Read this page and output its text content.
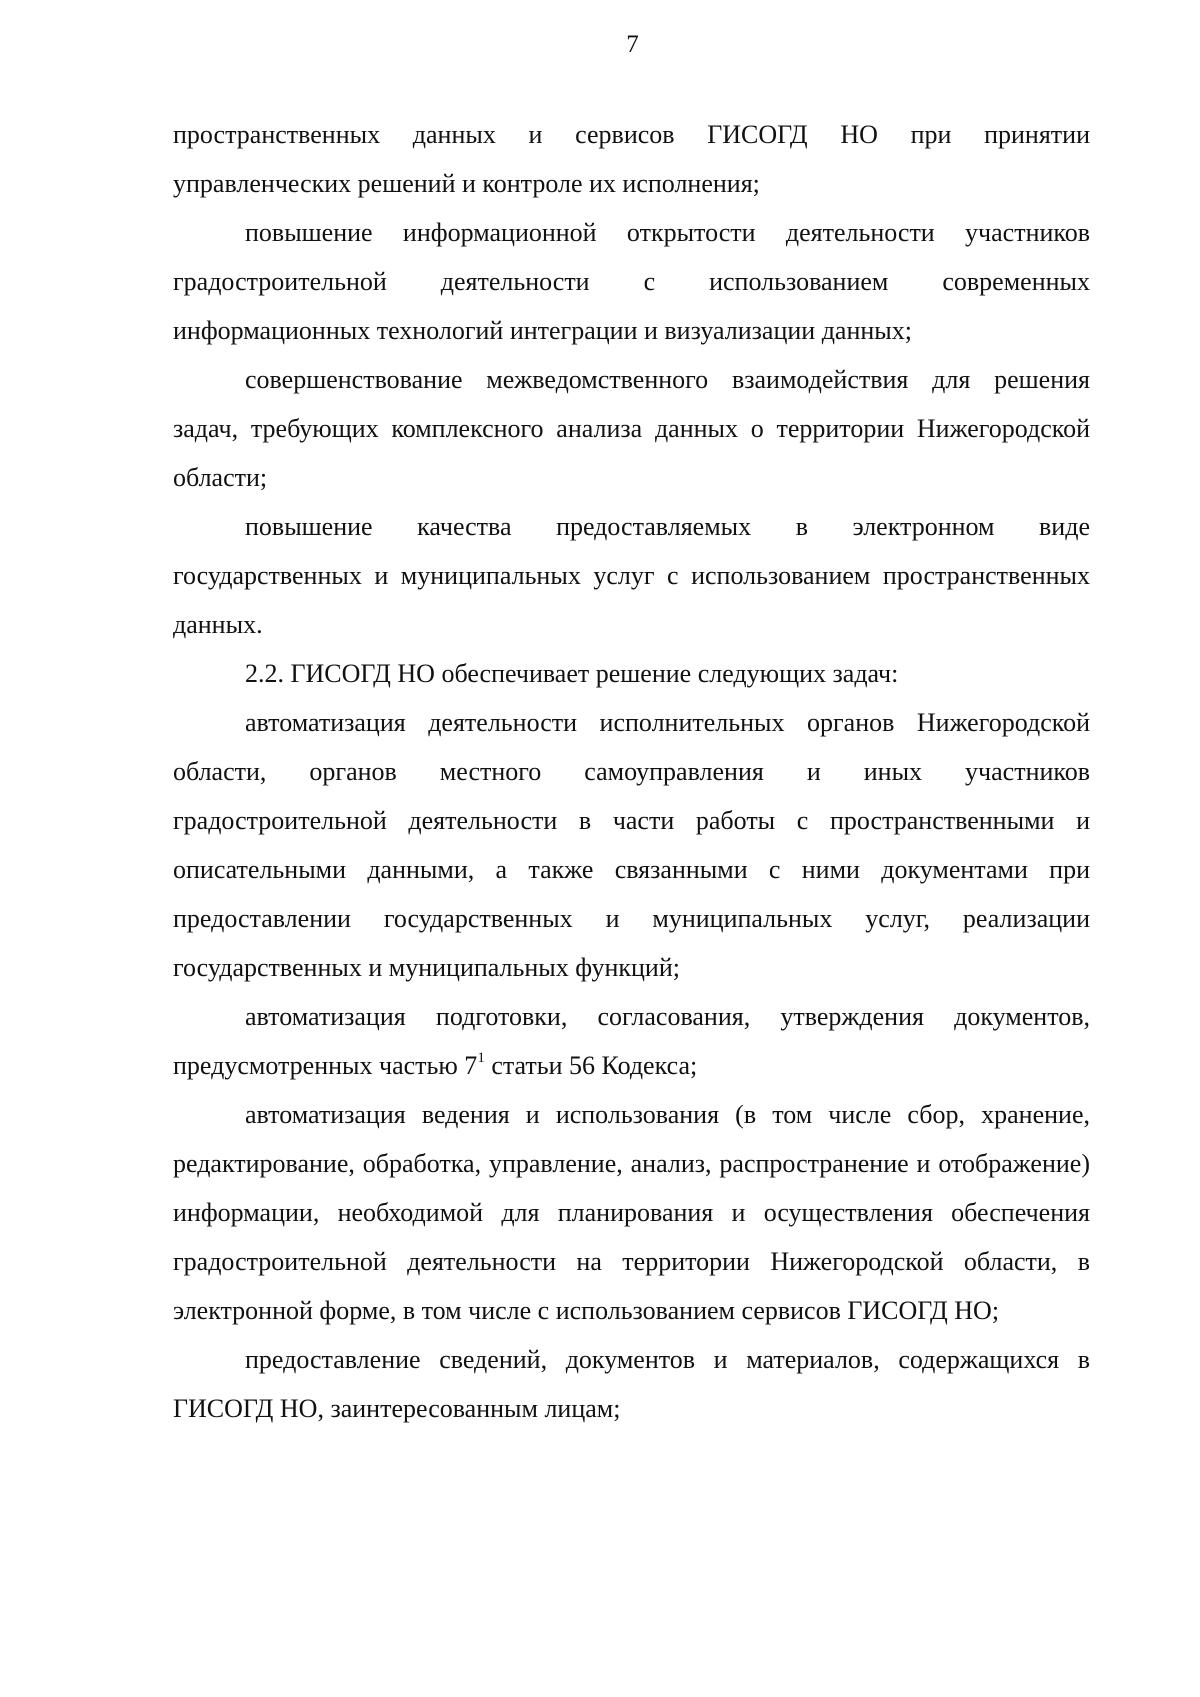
7

пространственных данных и сервисов ГИСОГД НО при принятии управленческих решений и контроле их исполнения;

повышение информационной открытости деятельности участников градостроительной деятельности с использованием современных информационных технологий интеграции и визуализации данных;

совершенствование межведомственного взаимодействия для решения задач, требующих комплексного анализа данных о территории Нижегородской области;

повышение качества предоставляемых в электронном виде государственных и муниципальных услуг с использованием пространственных данных.

2.2. ГИСОГД НО обеспечивает решение следующих задач:

автоматизация деятельности исполнительных органов Нижегородской области, органов местного самоуправления и иных участников градостроительной деятельности в части работы с пространственными и описательными данными, а также связанными с ними документами при предоставлении государственных и муниципальных услуг, реализации государственных и муниципальных функций;

автоматизация подготовки, согласования, утверждения документов, предусмотренных частью 7$^1$ статьи 56 Кодекса;

автоматизация ведения и использования (в том числе сбор, хранение, редактирование, обработка, управление, анализ, распространение и отображение) информации, необходимой для планирования и осуществления обеспечения градостроительной деятельности на территории Нижегородской области, в электронной форме, в том числе с использованием сервисов ГИСОГД НО;

предоставление сведений, документов и материалов, содержащихся в ГИСОГД НО, заинтересованным лицам;
